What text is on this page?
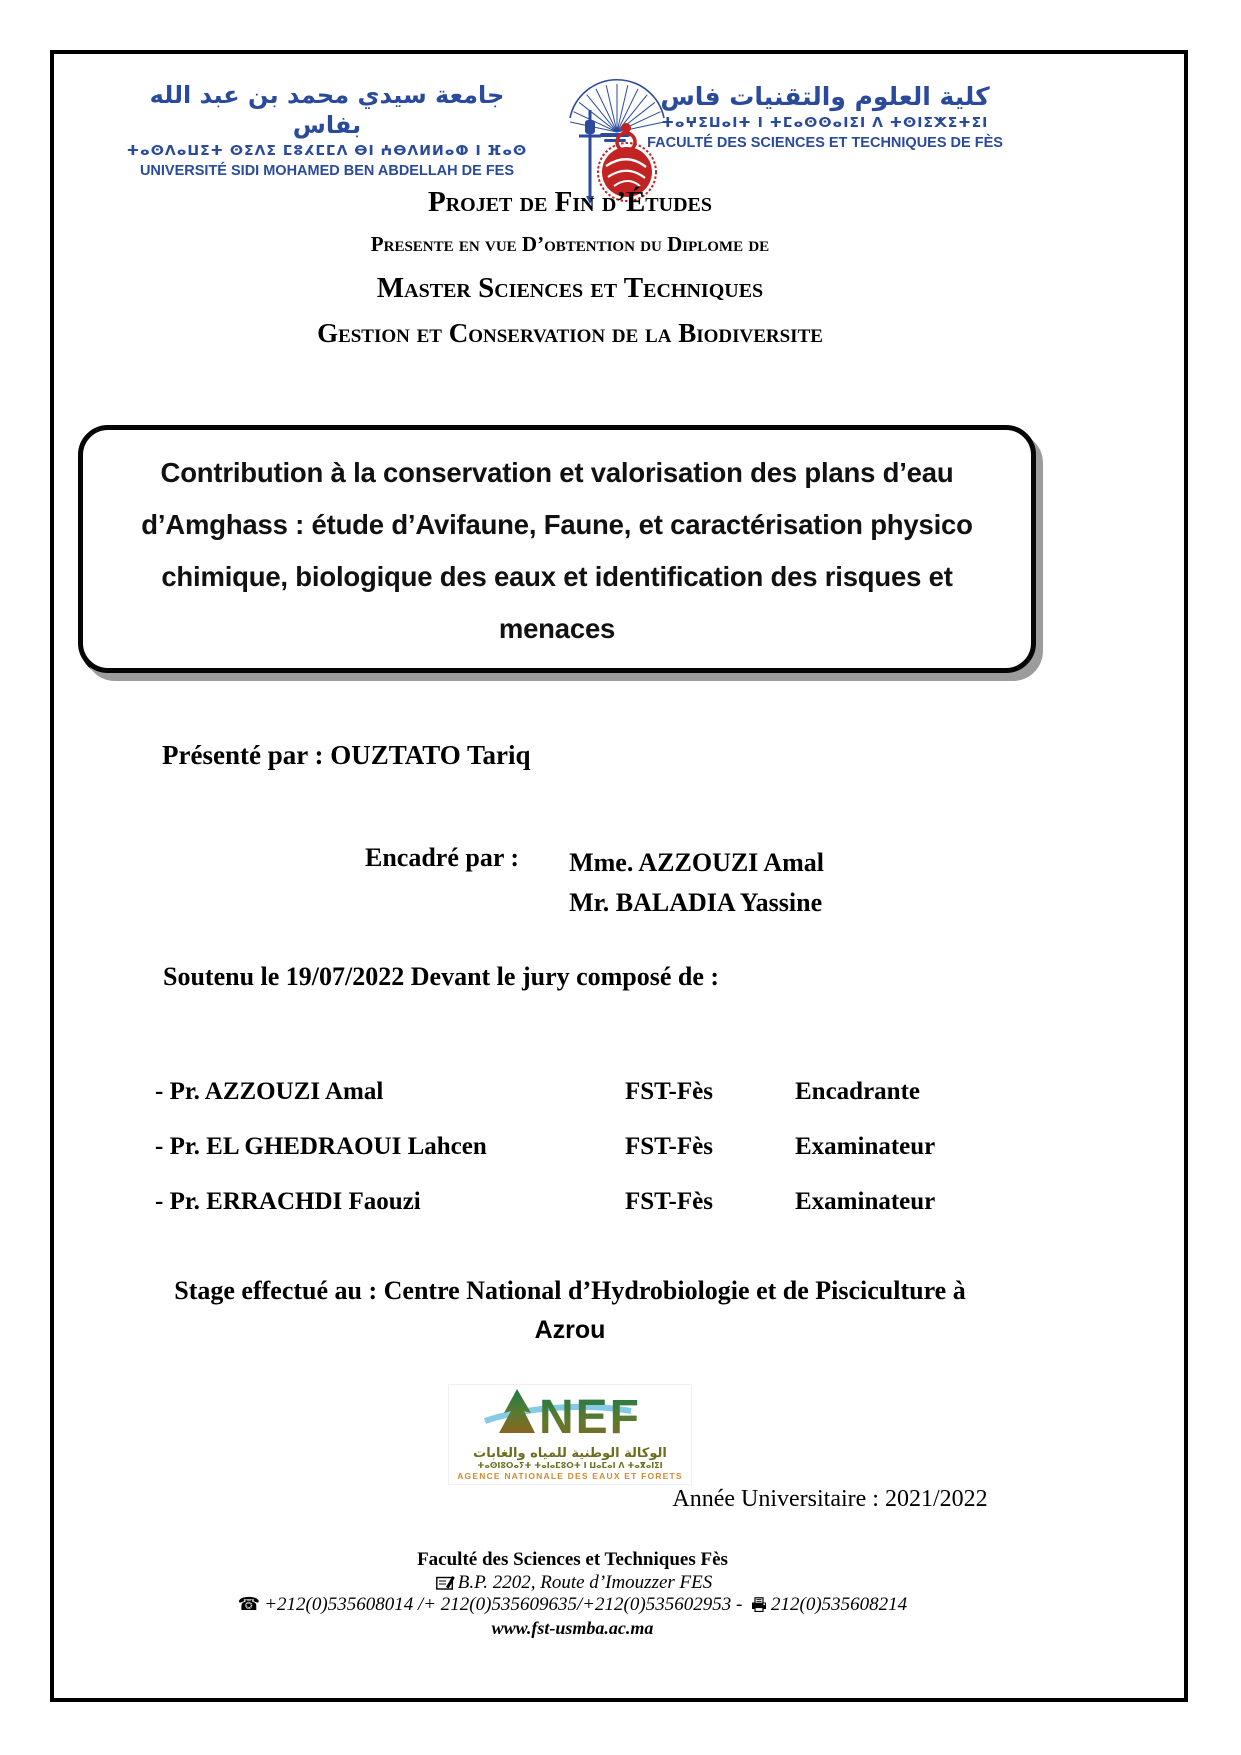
جامعة سيدي محمد بن عبد الله بفاس
ⵜⴰⵙⴷⴰⵡⵉⵜ ⵙⵉⴷⵉ ⵎⵓⵃⵎⵎⴷ ⴱⵏ ⵄⴱⴷⵍⵍⴰⵀ ⵏ ⴼⴰⵙ
UNIVERSITÉ SIDI MOHAMED BEN ABDELLAH DE FES
كلية العلوم والتقنيات فاس
ⵜⴰⵖⵉⵡⴰⵏⵜ ⵏ ⵜⵎⴰⵙⵙⴰⵏⵉⵏ ⴷ ⵜⵙⵏⵉⵅⵉⵜⵉⵏ
FACULTÉ DES SCIENCES ET TECHNIQUES DE FÈS
Projet de Fin d’Études
Presente en vue D’obtention du Diplome de
Master Sciences et Techniques
Gestion et Conservation de la Biodiversite
Contribution à la conservation et valorisation des plans d’eau
d’Amghass : étude d’Avifaune, Faune, et caractérisation physico
chimique, biologique des eaux et identification des risques et
menaces
Présenté par : OUZTATO Tariq
Encadré par : Mme. AZZOUZI Amal
Mr. BALADIA Yassine
Soutenu le 19/07/2022 Devant le jury composé de :
- Pr. AZZOUZI Amal	FST-Fès	Encadrante
- Pr. EL GHEDRAOUI Lahcen	FST-Fès	Examinateur
- Pr. ERRACHDI Faouzi	FST-Fès	Examinateur
Stage effectué au : Centre National d’Hydrobiologie et de Pisciculture à
Azrou
NEF
الوكالة الوطنية للمياه والغابات
ⵜⴰⵙⵏⵓⵔⴰⵢⵜ ⵜⴰⵏⴰⵎⵓⵔⵜ ⵏ ⵡⴰⵎⴰⵏ ⴷ ⵜⴰⴳⴰⵏⵉⵏ
AGENCE NATIONALE DES EAUX ET FORETS
Année Universitaire : 2021/2022
Faculté des Sciences et Techniques Fès
B.P. 2202, Route d’Imouzzer FES
☎ +212(0)535608014 /+ 212(0)535609635/+212(0)535602953 - 212(0)535608214
www.fst-usmba.ac.ma
